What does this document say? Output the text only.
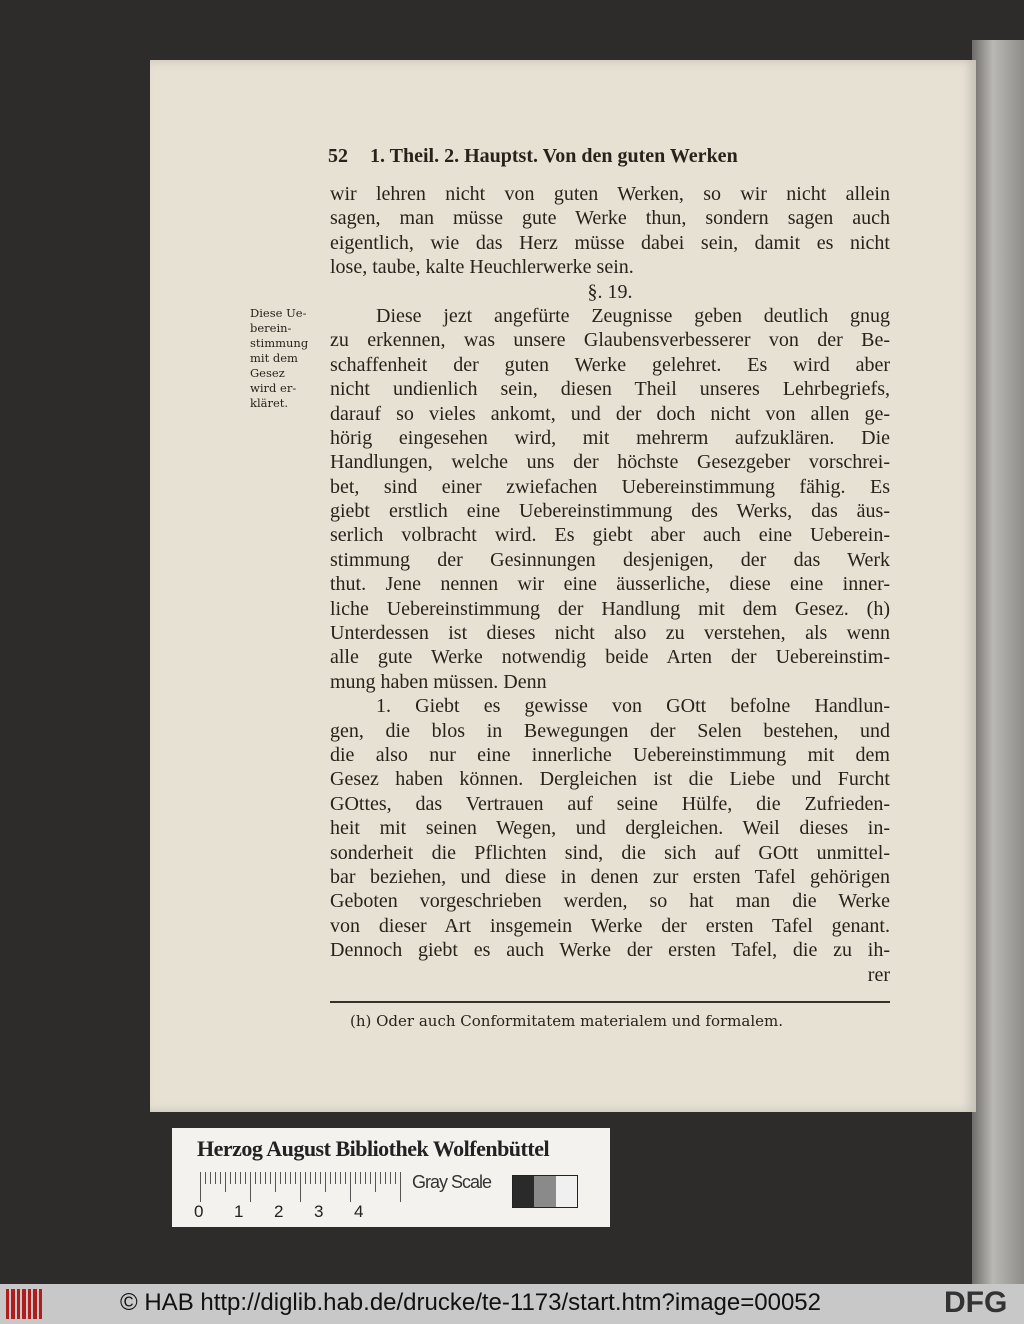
52 1. Theil. 2. Hauptst. Von den guten Werken
wir lehren nicht von guten Werken, so wir nicht allein
sagen, man müsse gute Werke thun, sondern sagen auch
eigentlich, wie das Herz müsse dabei sein, damit es nicht
lose, taube, kalte Heuchlerwerke sein.
§. 19.
Diese jezt angefürte Zeugnisse geben deutlich gnug
zu erkennen, was unsere Glaubensverbesserer von der Be-
schaffenheit der guten Werke gelehret. Es wird aber
nicht undienlich sein, diesen Theil unseres Lehrbegriefs,
darauf so vieles ankomt, und der doch nicht von allen ge-
hörig eingesehen wird, mit mehrerm aufzuklären. Die
Handlungen, welche uns der höchste Gesezgeber vorschrei-
bet, sind einer zwiefachen Uebereinstimmung fähig. Es
giebt erstlich eine Uebereinstimmung des Werks, das äus-
serlich volbracht wird. Es giebt aber auch eine Ueberein-
stimmung der Gesinnungen desjenigen, der das Werk
thut. Jene nennen wir eine äusserliche, diese eine inner-
liche Uebereinstimmung der Handlung mit dem Gesez. (h)
Unterdessen ist dieses nicht also zu verstehen, als wenn
alle gute Werke notwendig beide Arten der Uebereinstim-
mung haben müssen. Denn
1. Giebt es gewisse von GOtt befolne Handlun-
gen, die blos in Bewegungen der Selen bestehen, und
die also nur eine innerliche Uebereinstimmung mit dem
Gesez haben können. Dergleichen ist die Liebe und Furcht
GOttes, das Vertrauen auf seine Hülfe, die Zufrieden-
heit mit seinen Wegen, und dergleichen. Weil dieses in-
sonderheit die Pflichten sind, die sich auf GOtt unmittel-
bar beziehen, und diese in denen zur ersten Tafel gehörigen
Geboten vorgeschrieben werden, so hat man die Werke
von dieser Art insgemein Werke der ersten Tafel genant.
Dennoch giebt es auch Werke der ersten Tafel, die zu ih-
rer
Diese Ue-
berein-
stimmung
mit dem
Gesez
wird er-
kläret.
(h) Oder auch Conformitatem materialem und formalem.
Herzog August Bibliothek Wolfenbüttel
0 1 2 3 4
Gray Scale
© HAB http://diglib.hab.de/drucke/te-1173/start.htm?image=00052	DFG
